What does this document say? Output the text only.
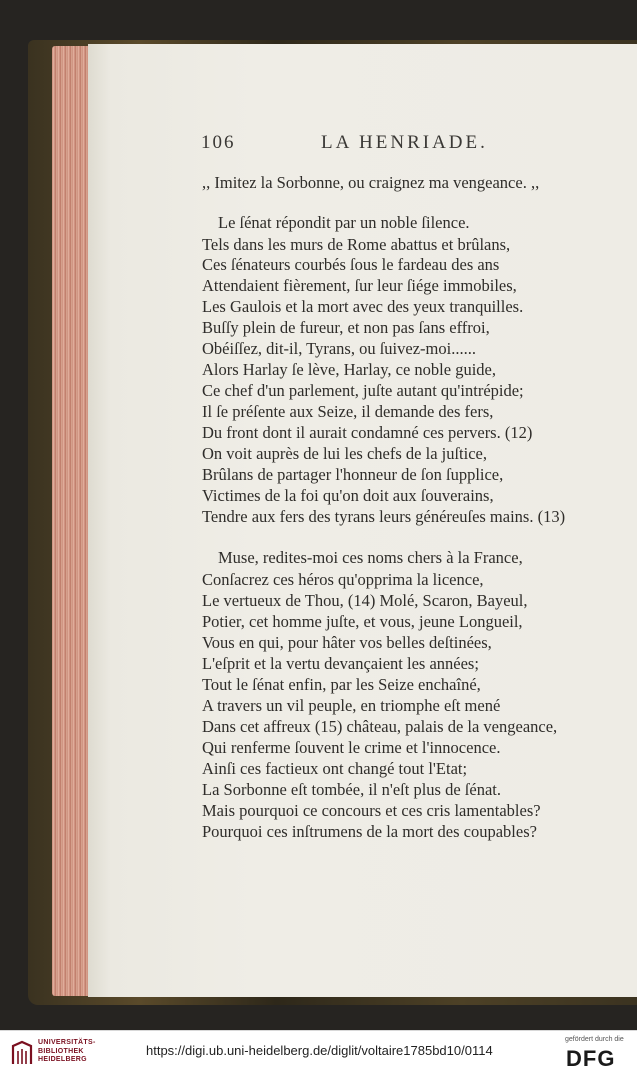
106	LA HENRIADE.
,, Imitez la Sorbonne, ou craignez ma vengeance. ,,
Le ſénat répondit par un noble ſilence.
Tels dans les murs de Rome abattus et brûlans,
Ces ſénateurs courbés ſous le fardeau des ans
Attendaient fièrement, ſur leur ſiége immobiles,
Les Gaulois et la mort avec des yeux tranquilles.
Buſſy plein de fureur, et non pas ſans effroi,
Obéiſſez, dit-il, Tyrans, ou ſuivez-moi......
Alors Harlay ſe lève, Harlay, ce noble guide,
Ce chef d'un parlement, juſte autant qu'intrépide;
Il ſe préſente aux Seize, il demande des fers,
Du front dont il aurait condamné ces pervers. (12)
On voit auprès de lui les chefs de la juſtice,
Brûlans de partager l'honneur de ſon ſupplice,
Victimes de la foi qu'on doit aux ſouverains,
Tendre aux fers des tyrans leurs généreuſes mains. (13)
Muse, redites-moi ces noms chers à la France,
Conſacrez ces héros qu'opprima la licence,
Le vertueux de Thou, (14) Molé, Scaron, Bayeul,
Potier, cet homme juſte, et vous, jeune Longueil,
Vous en qui, pour hâter vos belles deſtinées,
L'eſprit et la vertu devançaient les années;
Tout le ſénat enfin, par les Seize enchaîné,
A travers un vil peuple, en triomphe eſt mené
Dans cet affreux (15) château, palais de la vengeance,
Qui renferme ſouvent le crime et l'innocence.
Ainſi ces factieux ont changé tout l'Etat;
La Sorbonne eſt tombée, il n'eſt plus de ſénat.
Mais pourquoi ce concours et ces cris lamentables?
Pourquoi ces inſtrumens de la mort des coupables?
UNIVERSITÄTS-
BIBLIOTHEK
HEIDELBERG
https://digi.ub.uni-heidelberg.de/diglit/voltaire1785bd10/0114
gefördert durch die
DFG
